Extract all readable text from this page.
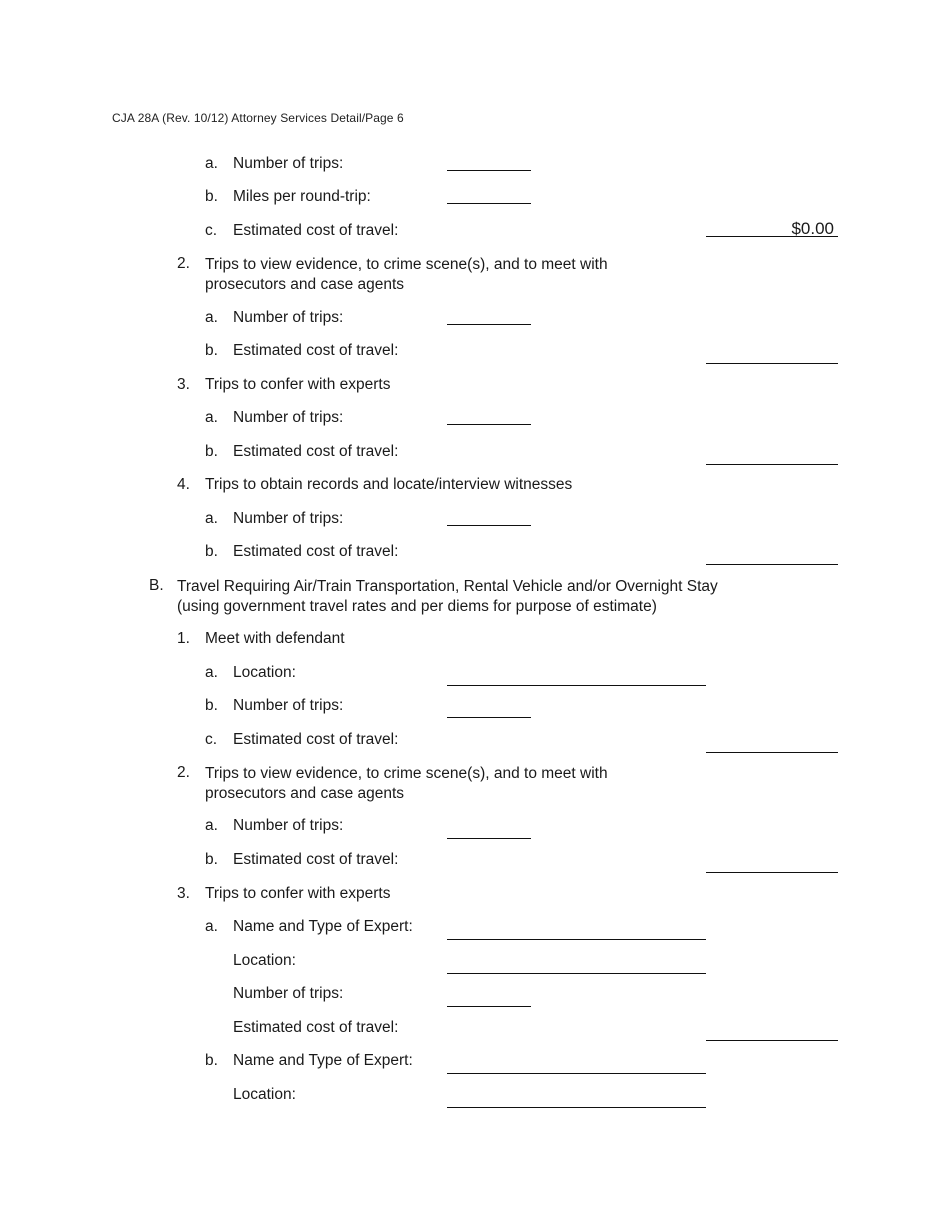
CJA 28A (Rev. 10/12) Attorney Services Detail/Page 6
a. Number of trips:
b. Miles per round-trip:
c. Estimated cost of travel:	$0.00
2. Trips to view evidence, to crime scene(s), and to meet with prosecutors and case agents
a. Number of trips:
b. Estimated cost of travel:
3. Trips to confer with experts
a. Number of trips:
b. Estimated cost of travel:
4. Trips to obtain records and locate/interview witnesses
a. Number of trips:
b. Estimated cost of travel:
B. Travel Requiring Air/Train Transportation, Rental Vehicle and/or Overnight Stay (using government travel rates and per diems for purpose of estimate)
1. Meet with defendant
a. Location:
b. Number of trips:
c. Estimated cost of travel:
2. Trips to view evidence, to crime scene(s), and to meet with prosecutors and case agents
a. Number of trips:
b. Estimated cost of travel:
3. Trips to confer with experts
a. Name and Type of Expert:
Location:
Number of trips:
Estimated cost of travel:
b. Name and Type of Expert:
Location:
